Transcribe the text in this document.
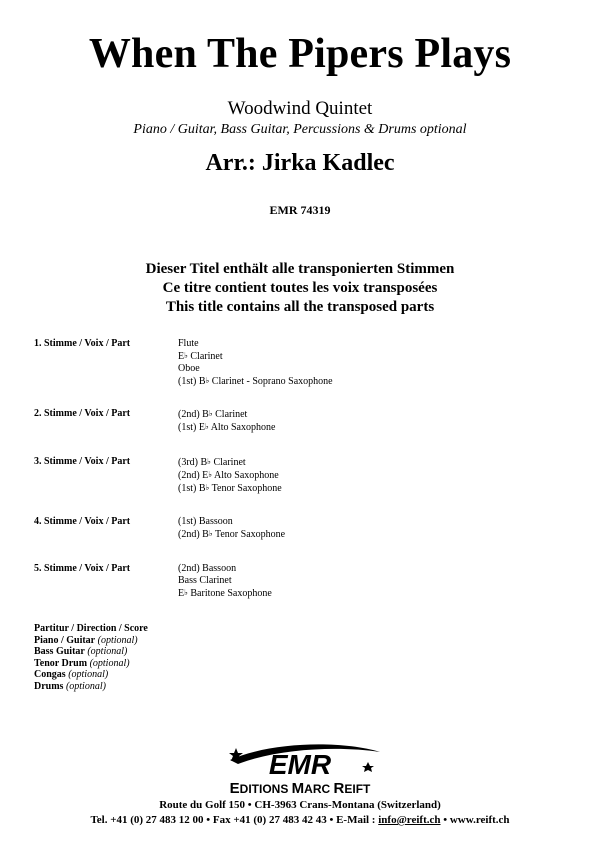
When The Pipers Plays
Woodwind Quintet
Piano / Guitar, Bass Guitar, Percussions & Drums optional
Arr.: Jirka Kadlec
EMR 74319
Dieser Titel enthält alle transponierten Stimmen
Ce titre contient toutes les voix transposées
This title contains all the transposed parts
1. Stimme / Voix / Part	Flute
E♭ Clarinet
Oboe
(1st) B♭ Clarinet - Soprano Saxophone
2. Stimme / Voix / Part	(2nd) B♭ Clarinet
(1st) E♭ Alto Saxophone
3. Stimme / Voix / Part	(3rd) B♭ Clarinet
(2nd) E♭ Alto Saxophone
(1st) B♭ Tenor Saxophone
4. Stimme / Voix / Part	(1st) Bassoon
(2nd) B♭ Tenor Saxophone
5. Stimme / Voix / Part	(2nd) Bassoon
Bass Clarinet
E♭ Baritone Saxophone
Partitur / Direction / Score
Piano / Guitar (optional)
Bass Guitar (optional)
Tenor Drum (optional)
Congas (optional)
Drums (optional)
EMR
EDITIONS MARC REIFT
Route du Golf 150 • CH-3963 Crans-Montana (Switzerland)
Tel. +41 (0) 27 483 12 00 • Fax +41 (0) 27 483 42 43 • E-Mail : info@reift.ch • www.reift.ch
